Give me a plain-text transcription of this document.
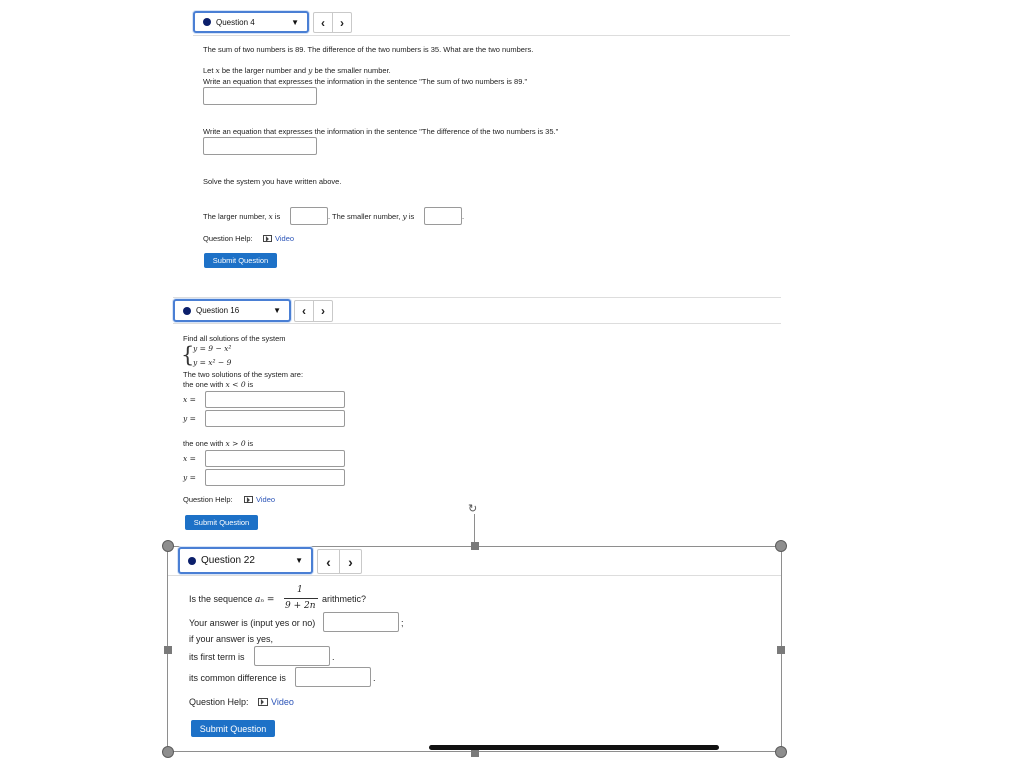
Question 4	▼	‹	›
The sum of two numbers is 89. The difference of the two numbers is 35. What are the two numbers.
Let x be the larger number and y be the smaller number.
Write an equation that expresses the information in the sentence "The sum of two numbers is 89."
Write an equation that expresses the information in the sentence "The difference of the two numbers is 35."
Solve the system you have written above.
The larger number, x is	. The smaller number, y is	.
Question Help:	Video
Submit Question
Question 16	▼	‹	›
Find all solutions of the system
{
y = 9 − x²
y = x² − 9
The two solutions of the system are:
the one with x < 0 is
x =
y =
the one with x > 0 is
x =
y =
Question Help:	Video
Submit Question
↻
Question 22	▼	‹	›
Is the sequence aₙ =
1
9 + 2n
arithmetic?
Your answer is (input yes or no)	;
if your answer is yes,
its first term is	.
its common difference is	.
Question Help:	Video
Submit Question
